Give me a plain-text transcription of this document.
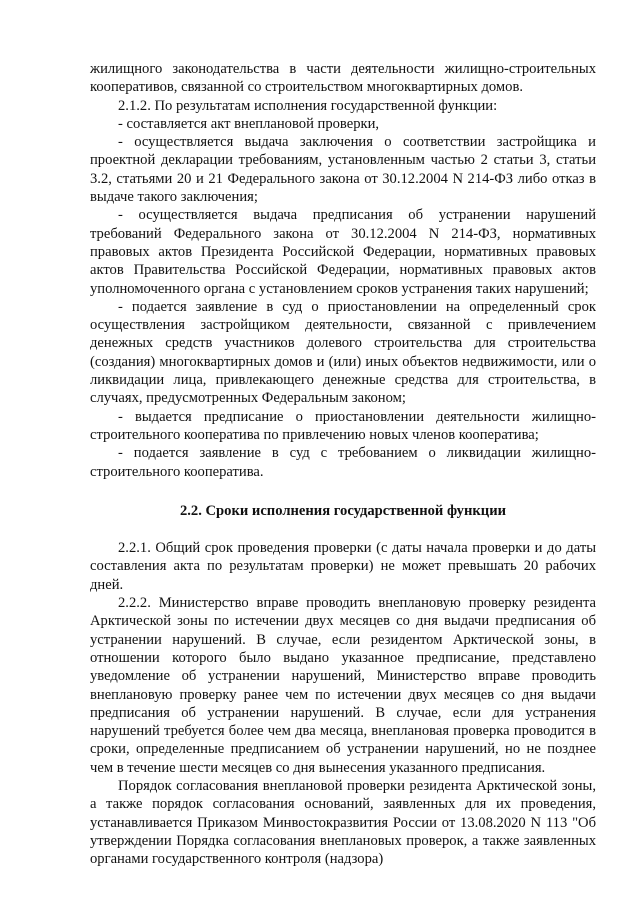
жилищного законодательства в части деятельности жилищно-строительных кооперативов, связанной со строительством многоквартирных домов.

2.1.2. По результатам исполнения государственной функции:

- составляется акт внеплановой проверки,

- осуществляется выдача заключения о соответствии застройщика и проектной декларации требованиям, установленным частью 2 статьи 3, статьи 3.2, статьями 20 и 21 Федерального закона от 30.12.2004 N 214-ФЗ либо отказ в выдаче такого заключения;

- осуществляется выдача предписания об устранении нарушений требований Федерального закона от 30.12.2004 N 214-ФЗ, нормативных правовых актов Президента Российской Федерации, нормативных правовых актов Правительства Российской Федерации, нормативных правовых актов уполномоченного органа с установлением сроков устранения таких нарушений;

- подается заявление в суд о приостановлении на определенный срок осуществления застройщиком деятельности, связанной с привлечением денежных средств участников долевого строительства для строительства (создания) многоквартирных домов и (или) иных объектов недвижимости, или о ликвидации лица, привлекающего денежные средства для строительства, в случаях, предусмотренных Федеральным законом;

- выдается предписание о приостановлении деятельности жилищно-строительного кооператива по привлечению новых членов кооператива;

- подается заявление в суд с требованием о ликвидации жилищно-строительного кооператива.

2.2. Сроки исполнения государственной функции

2.2.1. Общий срок проведения проверки (с даты начала проверки и до даты составления акта по результатам проверки) не может превышать 20 рабочих дней.

2.2.2. Министерство вправе проводить внеплановую проверку резидента Арктической зоны по истечении двух месяцев со дня выдачи предписания об устранении нарушений. В случае, если резидентом Арктической зоны, в отношении которого было выдано указанное предписание, представлено уведомление об устранении нарушений, Министерство вправе проводить внеплановую проверку ранее чем по истечении двух месяцев со дня выдачи предписания об устранении нарушений. В случае, если для устранения нарушений требуется более чем два месяца, внеплановая проверка проводится в сроки, определенные предписанием об устранении нарушений, но не позднее чем в течение шести месяцев со дня вынесения указанного предписания.

Порядок согласования внеплановой проверки резидента Арктической зоны, а также порядок согласования оснований, заявленных для их проведения, устанавливается Приказом Минвостокразвития России от 13.08.2020 N 113 "Об утверждении Порядка согласования внеплановых проверок, а также заявленных органами государственного контроля (надзора)
